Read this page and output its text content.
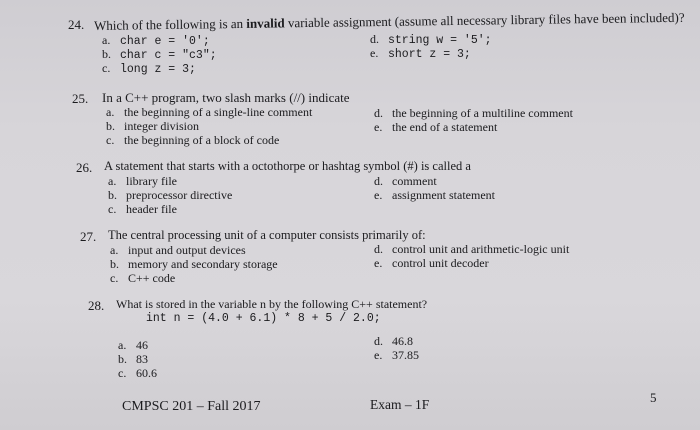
24. Which of the following is an invalid variable assignment (assume all necessary library files have been included)?
a. char e = '0';
b. char c = "c3";
c. long z = 3;
d. string w = '5';
e. short z = 3;
25. In a C++ program, two slash marks (//) indicate
a. the beginning of a single-line comment
b. integer division
c. the beginning of a block of code
d. the beginning of a multiline comment
e. the end of a statement
26. A statement that starts with a octothorpe or hashtag symbol (#) is called a
a. library file
b. preprocessor directive
c. header file
d. comment
e. assignment statement
27. The central processing unit of a computer consists primarily of:
a. input and output devices
b. memory and secondary storage
c. C++ code
d. control unit and arithmetic-logic unit
e. control unit decoder
28. What is stored in the variable n by the following C++ statement?
int n = (4.0 + 6.1) * 8 + 5 / 2.0;
a. 46
b. 83
c. 60.6
d. 46.8
e. 37.85
CMPSC 201 – Fall 2017	Exam – 1F	5
